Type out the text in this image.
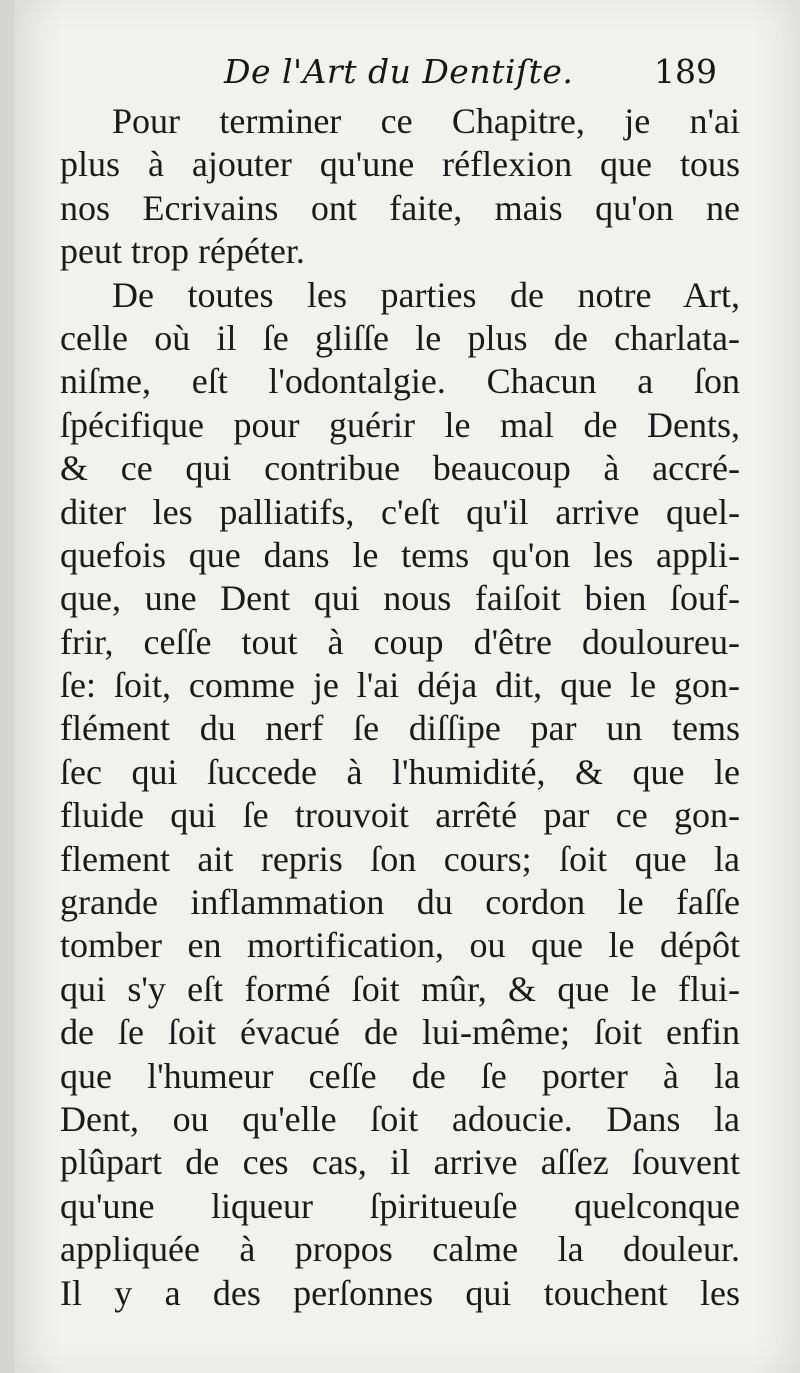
De l'Art du Dentiſte. 189
Pour terminer ce Chapitre, je n'ai
plus à ajouter qu'une réflexion que tous
nos Ecrivains ont faite, mais qu'on ne
peut trop répéter.
De toutes les parties de notre Art,
celle où il ſe gliſſe le plus de charlata-
niſme, eſt l'odontalgie. Chacun a ſon
ſpécifique pour guérir le mal de Dents,
& ce qui contribue beaucoup à accré-
diter les palliatifs, c'eſt qu'il arrive quel-
quefois que dans le tems qu'on les appli-
que, une Dent qui nous faiſoit bien ſouf-
frir, ceſſe tout à coup d'être douloureu-
ſe: ſoit, comme je l'ai déja dit, que le gon-
flément du nerf ſe diſſipe par un tems
ſec qui ſuccede à l'humidité, & que le
fluide qui ſe trouvoit arrêté par ce gon-
flement ait repris ſon cours; ſoit que la
grande inflammation du cordon le faſſe
tomber en mortification, ou que le dépôt
qui s'y eſt formé ſoit mûr, & que le flui-
de ſe ſoit évacué de lui-même; ſoit enfin
que l'humeur ceſſe de ſe porter à la
Dent, ou qu'elle ſoit adoucie. Dans la
plûpart de ces cas, il arrive aſſez ſouvent
qu'une liqueur ſpiritueuſe quelconque
appliquée à propos calme la douleur.
Il y a des perſonnes qui touchent les
